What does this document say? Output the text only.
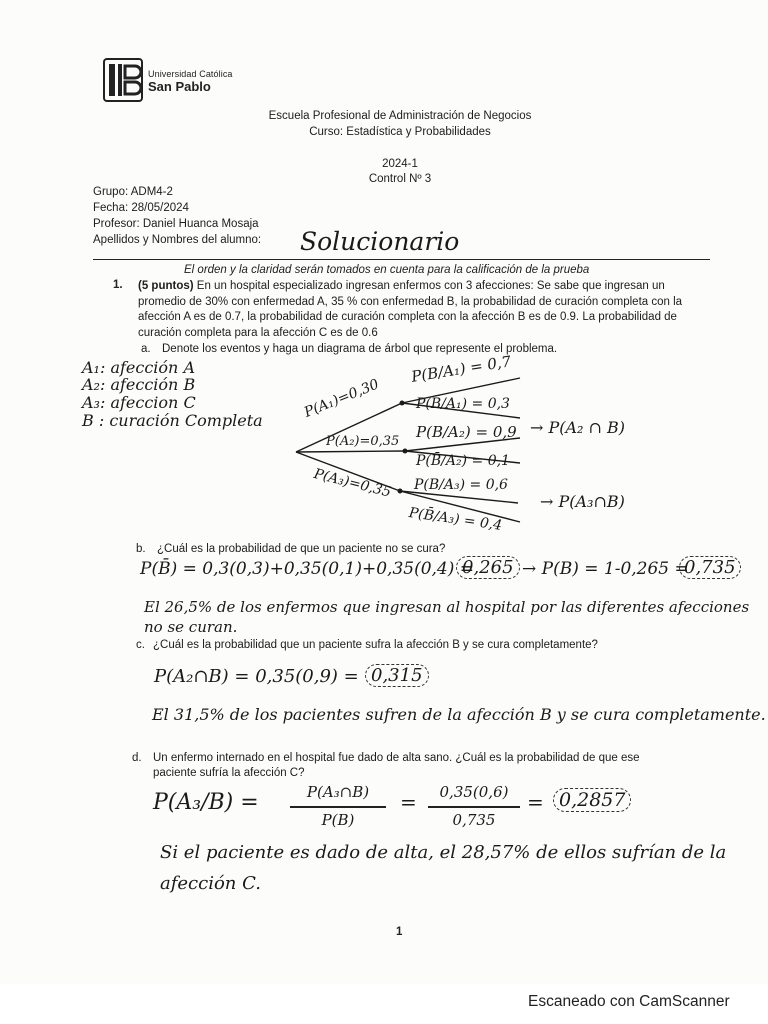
Universidad Católica
San Pablo
Escuela Profesional de Administración de Negocios
Curso: Estadística y Probabilidades
2024-1
Control Nº 3
Grupo: ADM4-2
Fecha: 28/05/2024
Profesor: Daniel Huanca Mosaja
Apellidos y Nombres del alumno: Solucionario
El orden y la claridad serán tomados en cuenta para la calificación de la prueba
1. (5 puntos) En un hospital especializado ingresan enfermos con 3 afecciones: Se sabe que ingresan un promedio de 30% con enfermedad A, 35 % con enfermedad B, la probabilidad de curación completa con la afección A es de 0.7, la probabilidad de curación completa con la afección B es de 0.9. La probabilidad de curación completa para la afección C es de 0.6
a. Denote los eventos y haga un diagrama de árbol que represente el problema.
A₁: afección A
A₂: afección B
A₃: afeccion C
B : curación Completa	P(A₁)=0,30
P(A₂)=0,35
P(A₃)=0,35
P(B/A₁) = 0,7
P(B̄/A₁) = 0,3
P(B/A₂) = 0,9 → P(A₂ ∩ B)
P(B̄/A₂) = 0,1
P(B/A₃) = 0,6
→ P(A₃∩B)
P(B̄/A₃) = 0,4
b. ¿Cuál es la probabilidad de que un paciente no se cura?
P(B̄) = 0,3(0,3)+0,35(0,1)+0,35(0,4) =
0,265 → P(B) = 1-0,265 =
0,735
El 26,5% de los enfermos que ingresan al hospital por las diferentes afecciones
no se curan.
c. ¿Cuál es la probabilidad que un paciente sufra la afección B y se cura completamente?
P(A₂∩B) = 0,35(0,9) = 0,315
El 31,5% de los pacientes sufren de la afección B y se cura completamente.
d. Un enfermo internado en el hospital fue dado de alta sano. ¿Cuál es la probabilidad de que ese
paciente sufría la afección C?
P(A₃/B) =	P(A₃∩B)
P(B)
=	0,35(0,6)
0,735
= 0,2857
Si el paciente es dado de alta, el 28,57% de ellos sufrían de la
afección C.
1
Escaneado con CamScanner
